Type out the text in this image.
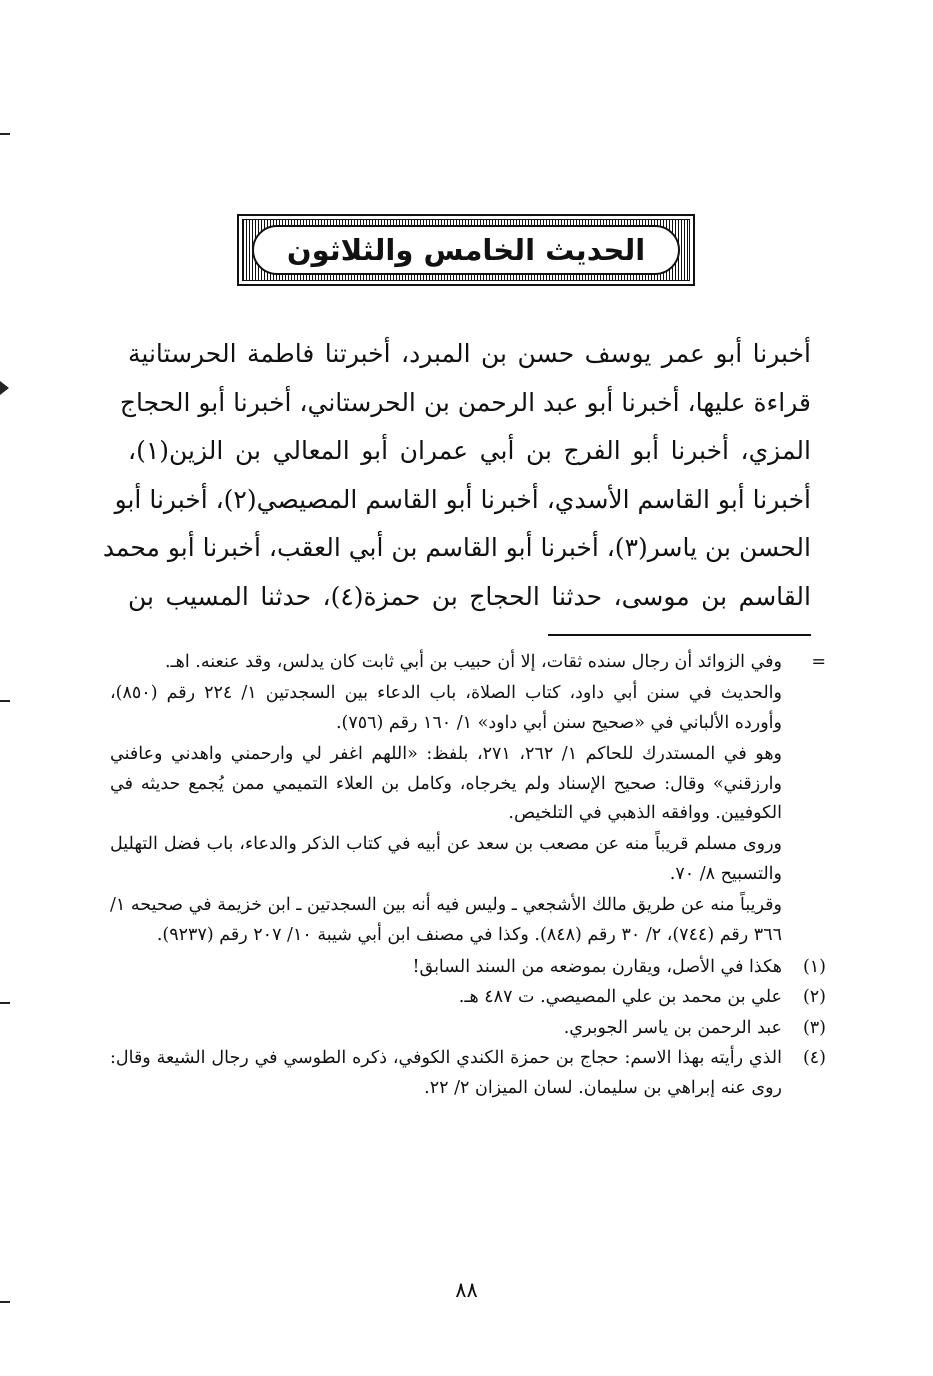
الحديث الخامس والثلاثون
أخبرنا أبو عمر يوسف حسن بن المبرد، أخبرتنا فاطمة الحرستانية
قراءة عليها، أخبرنا أبو عبد الرحمن بن الحرستاني، أخبرنا أبو الحجاج
المزي، أخبرنا أبو الفرج بن أبي عمران أبو المعالي بن الزين(١)،
أخبرنا أبو القاسم الأسدي، أخبرنا أبو القاسم المصيصي(٢)، أخبرنا أبو
الحسن بن ياسر(٣)، أخبرنا أبو القاسم بن أبي العقب، أخبرنا أبو محمد
القاسم بن موسى، حدثنا الحجاج بن حمزة(٤)، حدثنا المسيب بن
=

وفي الزوائد أن رجال سنده ثقات، إلا أن حبيب بن أبي ثابت كان يدلس، وقد عنعنه. اهـ.

والحديث في سنن أبي داود، كتاب الصلاة، باب الدعاء بين السجدتين ١/ ٢٢٤ رقم (٨٥٠)، وأورده الألباني في «صحيح سنن أبي داود» ١/ ١٦٠ رقم (٧٥٦).

وهو في المستدرك للحاكم ١/ ٢٦٢، ٢٧١، بلفظ: «اللهم اغفر لي وارحمني واهدني وعافني وارزقني» وقال: صحيح الإسناد ولم يخرجاه، وكامل بن العلاء التميمي ممن يُجمع حديثه في الكوفيين. ووافقه الذهبي في التلخيص.

وروى مسلم قريباً منه عن مصعب بن سعد عن أبيه في كتاب الذكر والدعاء، باب فضل التهليل والتسبيح ٨/ ٧٠.

وقريباً منه عن طريق مالك الأشجعي ـ وليس فيه أنه بين السجدتين ـ ابن خزيمة في صحيحه ١/ ٣٦٦ رقم (٧٤٤)، ٢/ ٣٠ رقم (٨٤٨). وكذا في مصنف ابن أبي شيبة ١٠/ ٢٠٧ رقم (٩٢٣٧).

(١)
هكذا في الأصل، ويقارن بموضعه من السند السابق!
(٢)
علي بن محمد بن علي المصيصي. ت ٤٨٧ هـ.
(٣)
عبد الرحمن بن ياسر الجوبري.
(٤)
الذي رأيته بهذا الاسم: حجاج بن حمزة الكندي الكوفي، ذكره الطوسي في رجال الشيعة وقال: روى عنه إبراهي بن سليمان. لسان الميزان ٢/ ٢٢.
٨٨
